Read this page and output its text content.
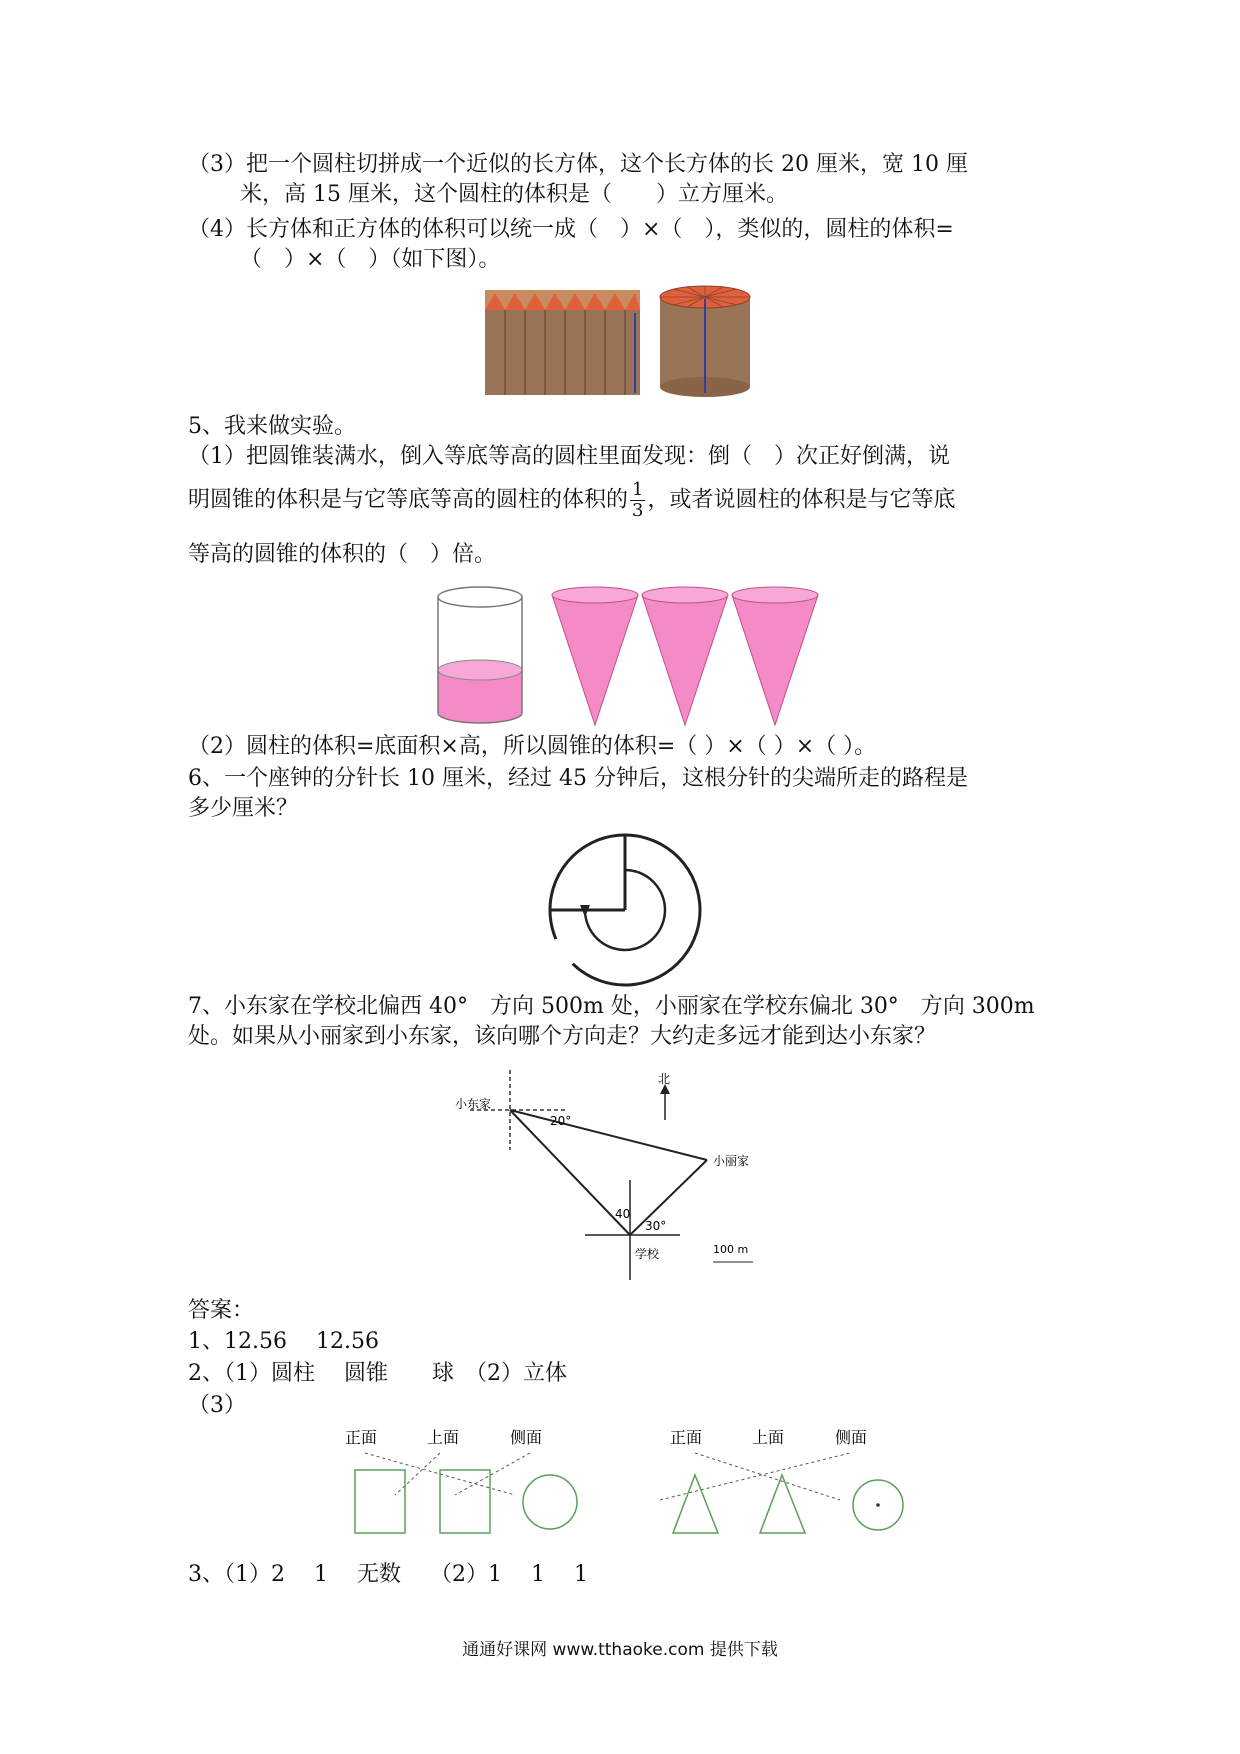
（3）把一个圆柱切拼成一个近似的长方体，这个长方体的长 20 厘米，宽 10 厘
米，高 15 厘米，这个圆柱的体积是（　　）立方厘米。
（4）长方体和正方体的体积可以统一成（　）×（　），类似的，圆柱的体积=
（　）×（　）（如下图）。
5、我来做实验。
（1）把圆锥装满水，倒入等底等高的圆柱里面发现：倒（　）次正好倒满，说
明圆锥的体积是与它等底等高的圆柱的体积的 $\frac{1}{3}$ ，或者说圆柱的体积是与它等底
等高的圆锥的体积的（　）倍。
（2）圆柱的体积=底面积×高，所以圆锥的体积=（ ）×（ ）×（ ）。
6、一个座钟的分针长 10 厘米，经过 45 分钟后，这根分针的尖端所走的路程是
多少厘米？
7、小东家在学校北偏西 40°　方向 500m 处，小丽家在学校东偏北 30°　方向 300m
处。如果从小丽家到小东家，该向哪个方向走？大约走多远才能到达小东家？
北
小东家
小丽家
学校
20°
40
30°
100 m
答案：
1、12.56　 12.56
2、（1）圆柱　 圆锥　　球　（2）立体
（3）
正面	上面	侧面	正面	上面	侧面
3、（1）2　 1　 无数　 （2）1　 1　 1
通通好课网 www.tthaoke.com 提供下载
